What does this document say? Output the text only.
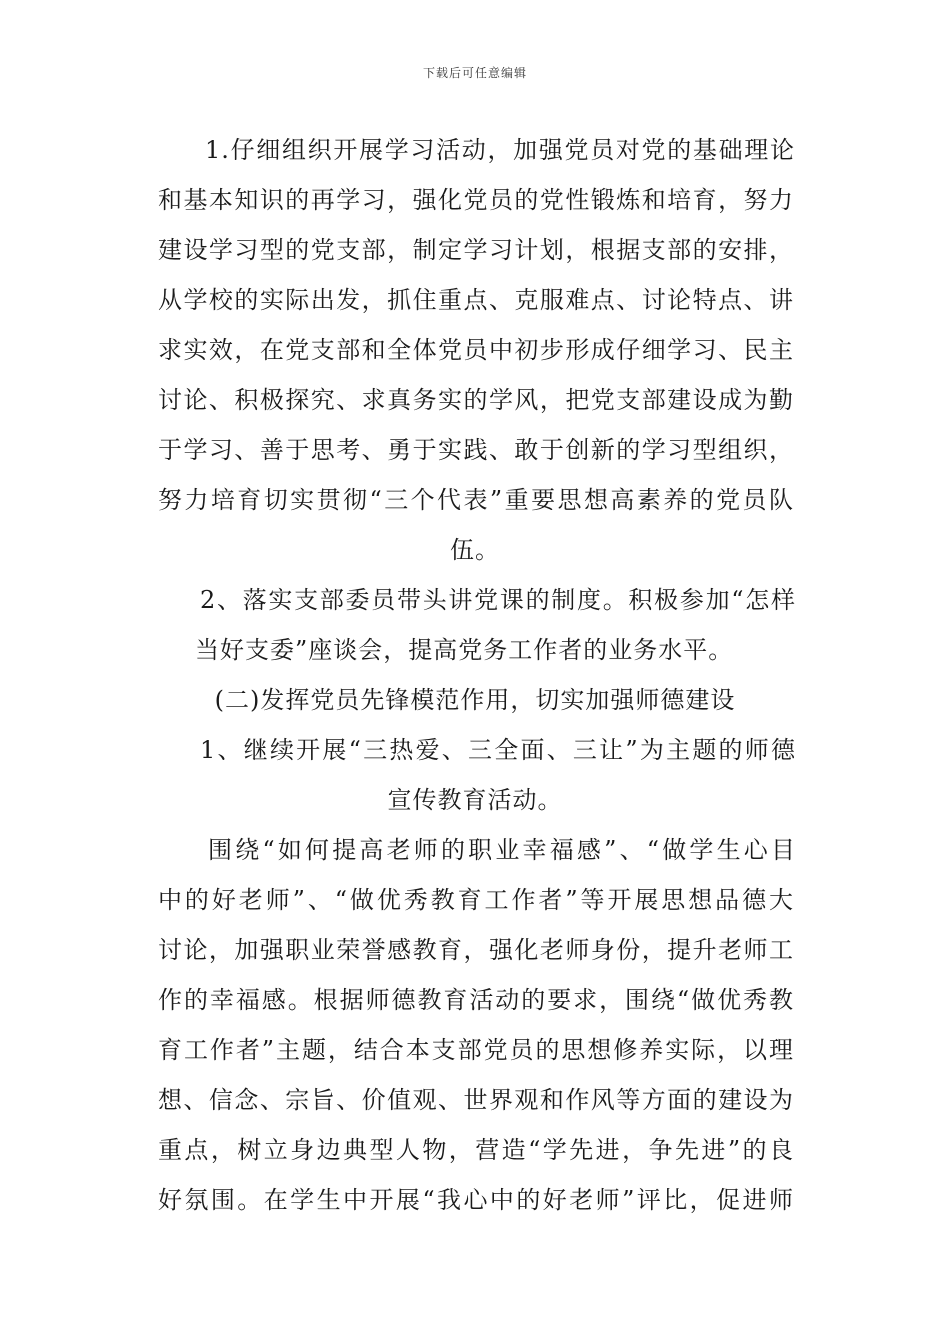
下载后可任意编辑
1.仔细组织开展学习活动，加强党员对党的基础理论
和基本知识的再学习，强化党员的党性锻炼和培育，努力
建设学习型的党支部，制定学习计划，根据支部的安排，
从学校的实际出发，抓住重点、克服难点、讨论特点、讲
求实效，在党支部和全体党员中初步形成仔细学习、民主
讨论、积极探究、求真务实的学风，把党支部建设成为勤
于学习、善于思考、勇于实践、敢于创新的学习型组织，
努力培育切实贯彻“三个代表”重要思想高素养的党员队
伍。
2、落实支部委员带头讲党课的制度。积极参加“怎样
当好支委”座谈会，提高党务工作者的业务水平。
(二)发挥党员先锋模范作用，切实加强师德建设
1、继续开展“三热爱、三全面、三让”为主题的师德
宣传教育活动。
围绕“如何提高老师的职业幸福感”、“做学生心目
中的好老师”、“做优秀教育工作者”等开展思想品德大
讨论，加强职业荣誉感教育，强化老师身份，提升老师工
作的幸福感。根据师德教育活动的要求，围绕“做优秀教
育工作者”主题，结合本支部党员的思想修养实际，以理
想、信念、宗旨、价值观、世界观和作风等方面的建设为
重点，树立身边典型人物，营造“学先进，争先进”的良
好氛围。在学生中开展“我心中的好老师”评比，促进师
